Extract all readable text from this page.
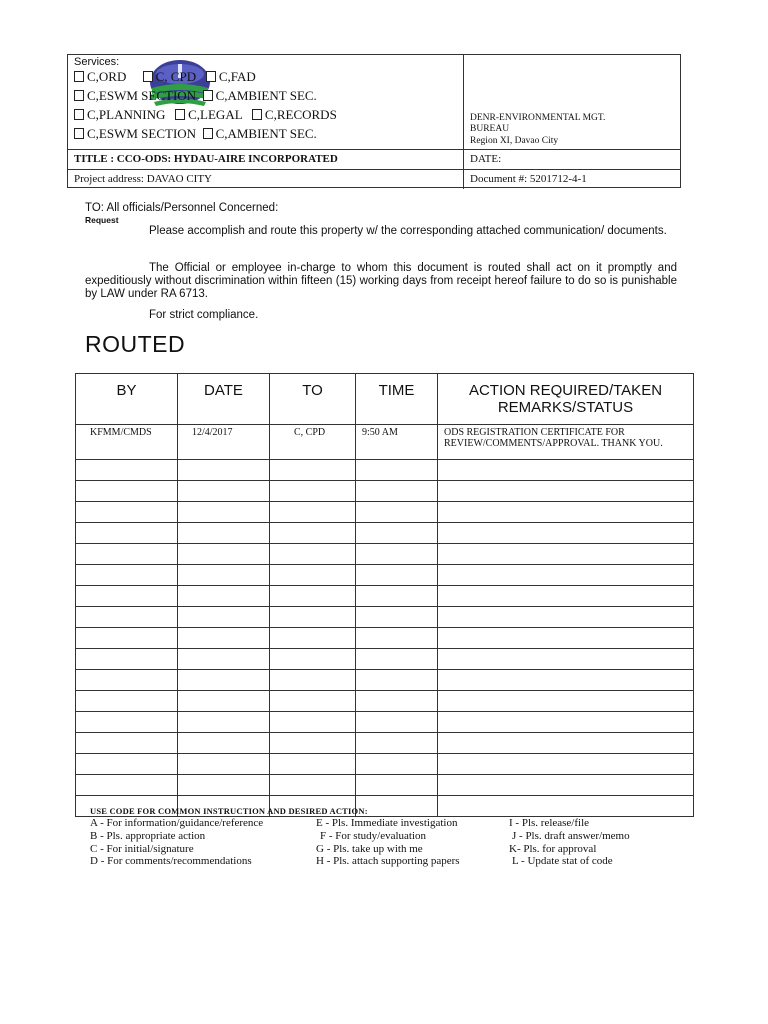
Services:
C,ORD C, CPD C,FAD
C,ESWM SECTION C,AMBIENT SEC.
C,PLANNING C,LEGAL C,RECORDS
C,ESWM SECTION C,AMBIENT SEC.
DENR-ENVIRONMENTAL MGT.
BUREAU
Region XI, Davao City
TITLE : CCO-ODS: HYDAU-AIRE INCORPORATED	DATE:
Project address: DAVAO CITY	Document #: 5201712-4-1
TO: All officials/Personnel Concerned:
Request
Please accomplish and route this property w/ the corresponding attached communication/ documents.
The Official or employee in-charge to whom this document is routed shall act on it promptly and expeditiously without discrimination within fifteen (15) working days from receipt hereof failure to do so is punishable by LAW under RA 6713.
For strict compliance.
ROUTED
BY	DATE	TO	TIME	ACTION REQUIRED/TAKEN REMARKS/STATUS

KFMM/CMDS	12/4/2017	C, CPD	9:50 AM	ODS REGISTRATION CERTIFICATE FOR REVIEW/COMMENTS/APPROVAL. THANK YOU.

USE CODE FOR COMMON INSTRUCTION AND DESIRED ACTION:
A - For information/guidance/reference
B - Pls. appropriate action
C - For initial/signature
D - For comments/recommendations
E - Pls. Immediate investigation
F - For study/evaluation
G - Pls. take up with me
H - Pls. attach supporting papers
I - Pls. release/file
J - Pls. draft answer/memo
K- Pls. for approval
L - Update stat of code
